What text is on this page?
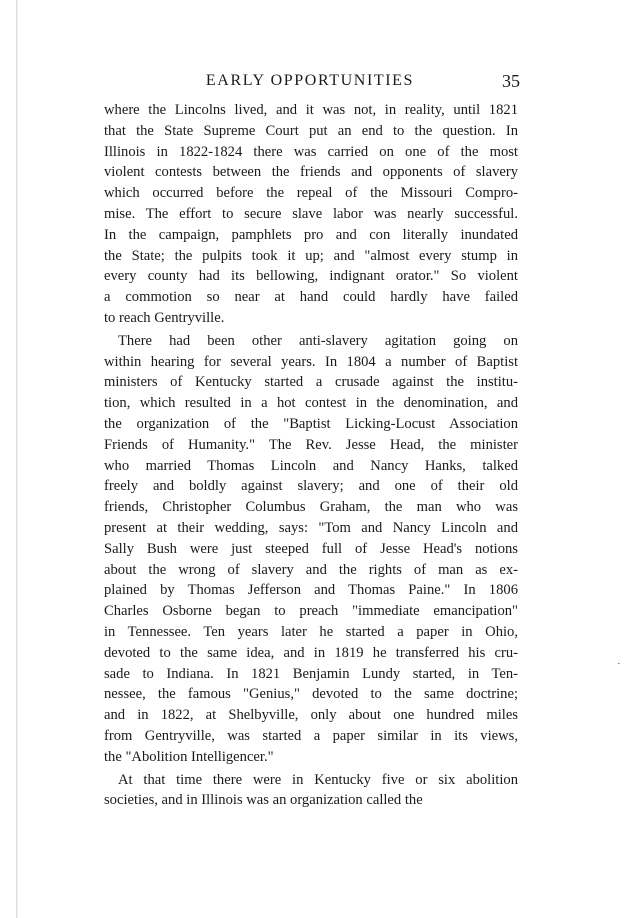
EARLY OPPORTUNITIES	35
where the Lincolns lived, and it was not, in reality, until 1821
that the State Supreme Court put an end to the question. In
Illinois in 1822-1824 there was carried on one of the most
violent contests between the friends and opponents of slavery
which occurred before the repeal of the Missouri Compro-
mise. The effort to secure slave labor was nearly successful.
In the campaign, pamphlets pro and con literally inundated
the State; the pulpits took it up; and "almost every stump in
every county had its bellowing, indignant orator." So violent
a commotion so near at hand could hardly have failed
to reach Gentryville.
There had been other anti-slavery agitation going on
within hearing for several years. In 1804 a number of Baptist
ministers of Kentucky started a crusade against the institu-
tion, which resulted in a hot contest in the denomination, and
the organization of the "Baptist Licking-Locust Association
Friends of Humanity." The Rev. Jesse Head, the minister
who married Thomas Lincoln and Nancy Hanks, talked
freely and boldly against slavery; and one of their old
friends, Christopher Columbus Graham, the man who was
present at their wedding, says: "Tom and Nancy Lincoln and
Sally Bush were just steeped full of Jesse Head's notions
about the wrong of slavery and the rights of man as ex-
plained by Thomas Jefferson and Thomas Paine." In 1806
Charles Osborne began to preach "immediate emancipation"
in Tennessee. Ten years later he started a paper in Ohio,
devoted to the same idea, and in 1819 he transferred his cru-
sade to Indiana. In 1821 Benjamin Lundy started, in Ten-
nessee, the famous "Genius," devoted to the same doctrine;
and in 1822, at Shelbyville, only about one hundred miles
from Gentryville, was started a paper similar in its views,
the "Abolition Intelligencer."
At that time there were in Kentucky five or six abolition
societies, and in Illinois was an organization called the
·
